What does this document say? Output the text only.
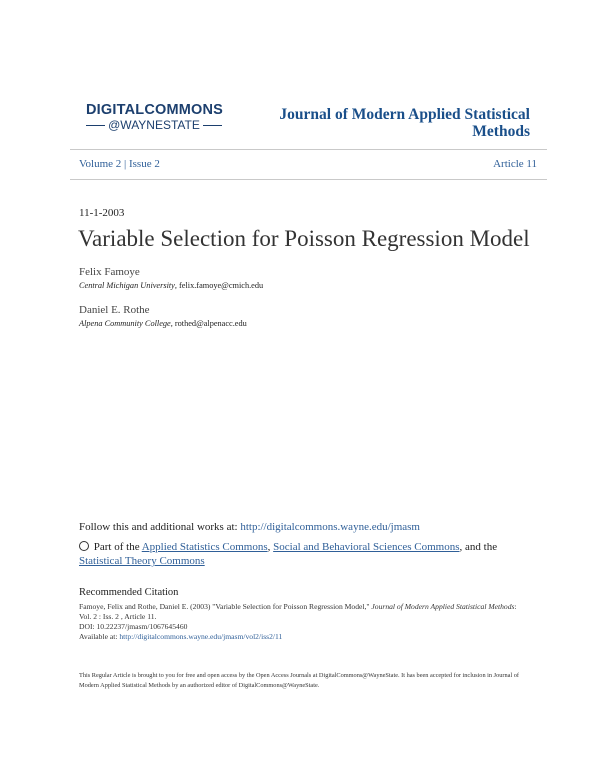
DIGITALCOMMONS
@WAYNESTATE
Journal of Modern Applied Statistical Methods
Volume 2 | Issue 2	Article 11
11-1-2003
Variable Selection for Poisson Regression Model
Felix Famoye
Central Michigan University, felix.famoye@cmich.edu
Daniel E. Rothe
Alpena Community College, rothed@alpenacc.edu
Follow this and additional works at: http://digitalcommons.wayne.edu/jmasm
Part of the Applied Statistics Commons, Social and Behavioral Sciences Commons, and the Statistical Theory Commons
Recommended Citation
Famoye, Felix and Rothe, Daniel E. (2003) "Variable Selection for Poisson Regression Model," Journal of Modern Applied Statistical Methods: Vol. 2 : Iss. 2 , Article 11.
DOI: 10.22237/jmasm/1067645460
Available at: http://digitalcommons.wayne.edu/jmasm/vol2/iss2/11
This Regular Article is brought to you for free and open access by the Open Access Journals at DigitalCommons@WayneState. It has been accepted for inclusion in Journal of Modern Applied Statistical Methods by an authorized editor of DigitalCommons@WayneState.
